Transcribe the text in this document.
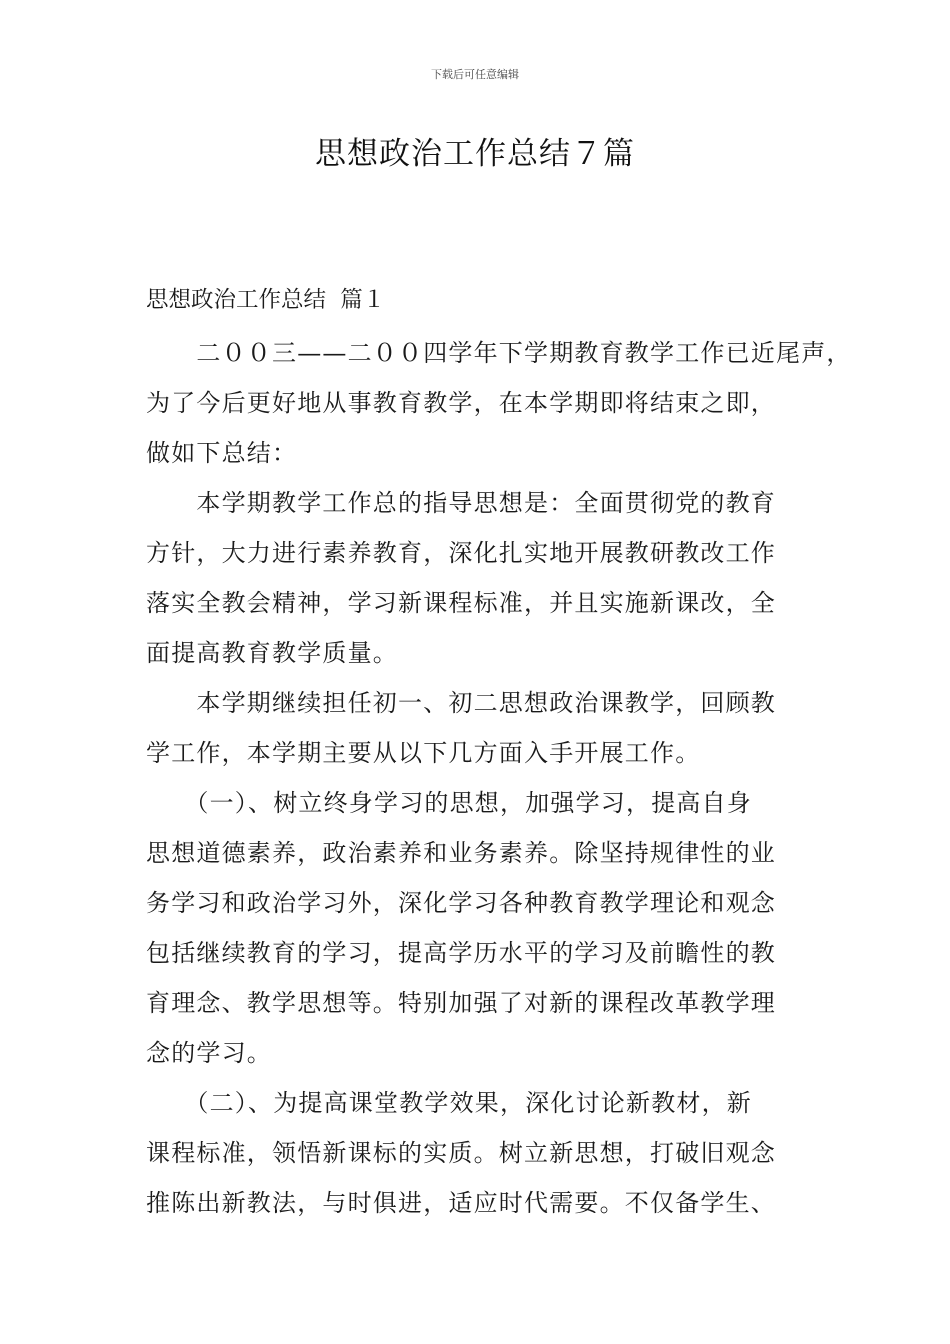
下载后可任意编辑
思想政治工作总结７篇
思想政治工作总结  篇１

　　二００三——二００四学年下学期教育教学工作已近尾声，
为了今后更好地从事教育教学，在本学期即将结束之即，
做如下总结：

　　本学期教学工作总的指导思想是：全面贯彻党的教育
方针，大力进行素养教育，深化扎实地开展教研教改工作
落实全教会精神，学习新课程标准，并且实施新课改，全
面提高教育教学质量。

　　本学期继续担任初一、初二思想政治课教学，回顾教
学工作，本学期主要从以下几方面入手开展工作。

　　（一）、树立终身学习的思想，加强学习，提高自身
思想道德素养，政治素养和业务素养。除坚持规律性的业
务学习和政治学习外，深化学习各种教育教学理论和观念
包括继续教育的学习，提高学历水平的学习及前瞻性的教
育理念、教学思想等。特别加强了对新的课程改革教学理
念的学习。

　　（二）、为提高课堂教学效果，深化讨论新教材，新
课程标准，领悟新课标的实质。树立新思想，打破旧观念
推陈出新教法，与时俱进，适应时代需要。不仅备学生、
